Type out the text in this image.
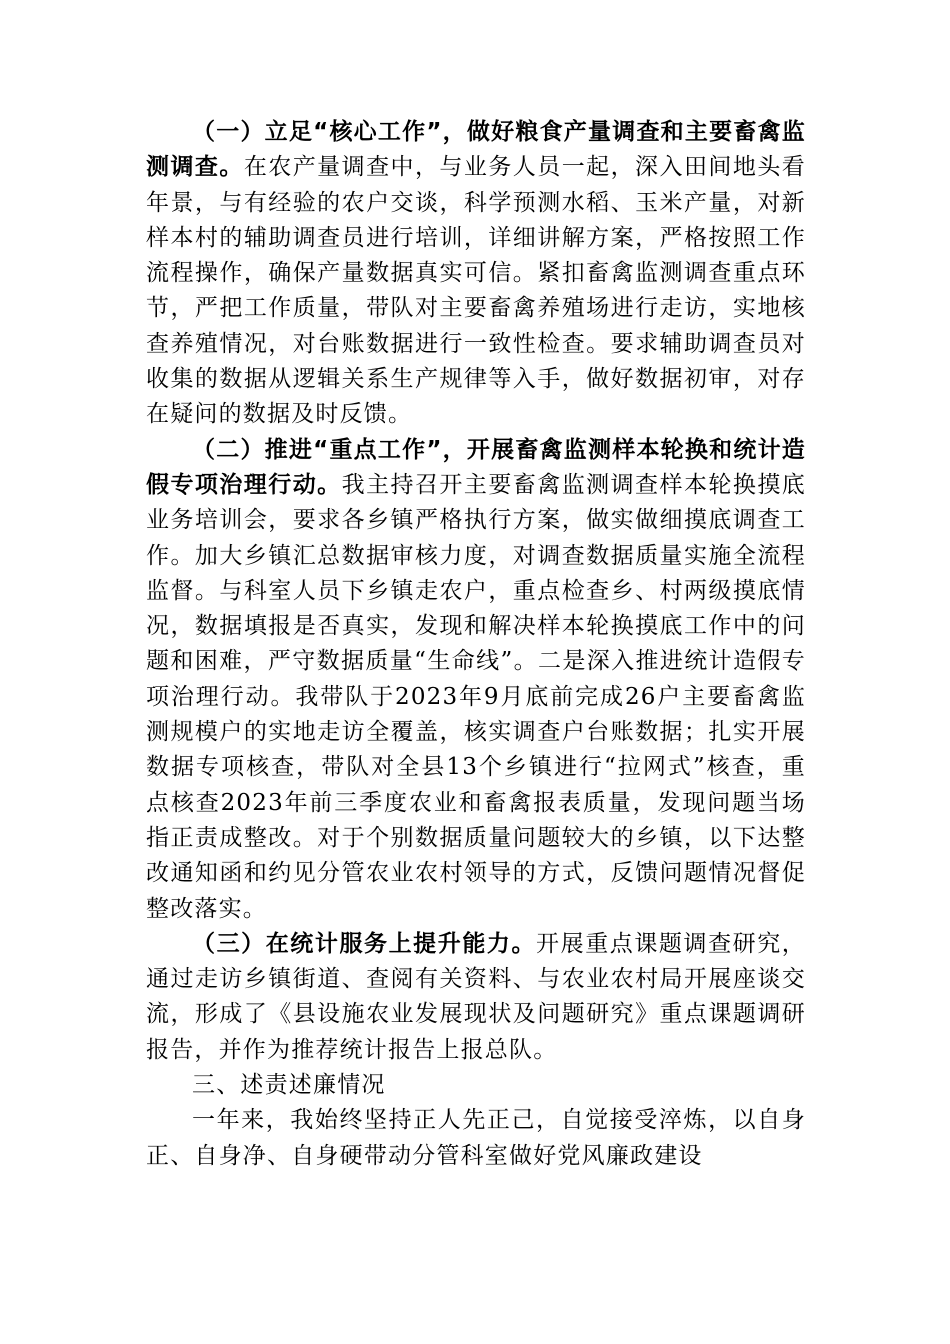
（一）立足“核心工作”，做好粮食产量调查和主要畜禽监测调查。在农产量调查中，与业务人员一起，深入田间地头看年景，与有经验的农户交谈，科学预测水稻、玉米产量，对新样本村的辅助调查员进行培训，详细讲解方案，严格按照工作流程操作，确保产量数据真实可信。紧扣畜禽监测调查重点环节，严把工作质量，带队对主要畜禽养殖场进行走访，实地核查养殖情况，对台账数据进行一致性检查。要求辅助调查员对收集的数据从逻辑关系生产规律等入手，做好数据初审，对存在疑问的数据及时反馈。

（二）推进“重点工作”，开展畜禽监测样本轮换和统计造假专项治理行动。我主持召开主要畜禽监测调查样本轮换摸底业务培训会，要求各乡镇严格执行方案，做实做细摸底调查工作。加大乡镇汇总数据审核力度，对调查数据质量实施全流程监督。与科室人员下乡镇走农户，重点检查乡、村两级摸底情况，数据填报是否真实，发现和解决样本轮换摸底工作中的问题和困难，严守数据质量“生命线”。二是深入推进统计造假专项治理行动。我带队于2023年9月底前完成26户主要畜禽监测规模户的实地走访全覆盖，核实调查户台账数据；扎实开展数据专项核查，带队对全县13个乡镇进行“拉网式”核查，重点核查2023年前三季度农业和畜禽报表质量，发现问题当场指正责成整改。对于个别数据质量问题较大的乡镇，以下达整改通知函和约见分管农业农村领导的方式，反馈问题情况督促整改落实。

（三）在统计服务上提升能力。开展重点课题调查研究，通过走访乡镇街道、查阅有关资料、与农业农村局开展座谈交流，形成了《县设施农业发展现状及问题研究》重点课题调研报告，并作为推荐统计报告上报总队。

三、述责述廉情况

一年来，我始终坚持正人先正己，自觉接受淬炼，以自身正、自身净、自身硬带动分管科室做好党风廉政建设
